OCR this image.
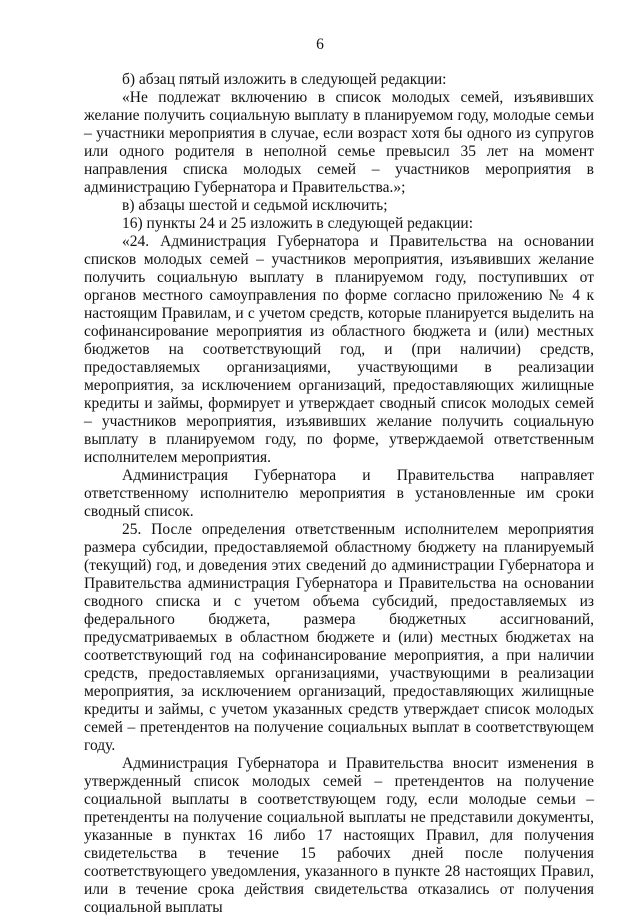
6

б) абзац пятый изложить в следующей редакции:

«Не подлежат включению в список молодых семей, изъявивших желание получить социальную выплату в планируемом году, молодые семьи – участники мероприятия в случае, если возраст хотя бы одного из супругов или одного родителя в неполной семье превысил 35 лет на момент направления списка молодых семей – участников мероприятия в администрацию Губернатора и Правительства.»;

в) абзацы шестой и седьмой исключить;

16) пункты 24 и 25 изложить в следующей редакции:

«24. Администрация Губернатора и Правительства на основании списков молодых семей – участников мероприятия, изъявивших желание получить социальную выплату в планируемом году, поступивших от органов местного самоуправления по форме согласно приложению № 4 к настоящим Правилам, и с учетом средств, которые планируется выделить на софинансирование мероприятия из областного бюджета и (или) местных бюджетов на соответствующий год, и (при наличии) средств, предоставляемых организациями, участвующими в реализации мероприятия, за исключением организаций, предоставляющих жилищные кредиты и займы, формирует и утверждает сводный список молодых семей – участников мероприятия, изъявивших желание получить социальную выплату в планируемом году, по форме, утверждаемой ответственным исполнителем мероприятия.

Администрация Губернатора и Правительства направляет ответственному исполнителю мероприятия в установленные им сроки сводный список.

25. После определения ответственным исполнителем мероприятия размера субсидии, предоставляемой областному бюджету на планируемый (текущий) год, и доведения этих сведений до администрации Губернатора и Правительства администрация Губернатора и Правительства на основании сводного списка и с учетом объема субсидий, предоставляемых из федерального бюджета, размера бюджетных ассигнований, предусматриваемых в областном бюджете и (или) местных бюджетах на соответствующий год на софинансирование мероприятия, а при наличии средств, предоставляемых организациями, участвующими в реализации мероприятия, за исключением организаций, предоставляющих жилищные кредиты и займы, с учетом указанных средств утверждает список молодых семей – претендентов на получение социальных выплат в соответствующем году.

Администрация Губернатора и Правительства вносит изменения в утвержденный список молодых семей – претендентов на получение социальной выплаты в соответствующем году, если молодые семьи – претенденты на получение социальной выплаты не представили документы, указанные в пунктах 16 либо 17 настоящих Правил, для получения свидетельства в течение 15 рабочих дней после получения соответствующего уведомления, указанного в пункте 28 настоящих Правил, или в течение срока действия свидетельства отказались от получения социальной выплаты
